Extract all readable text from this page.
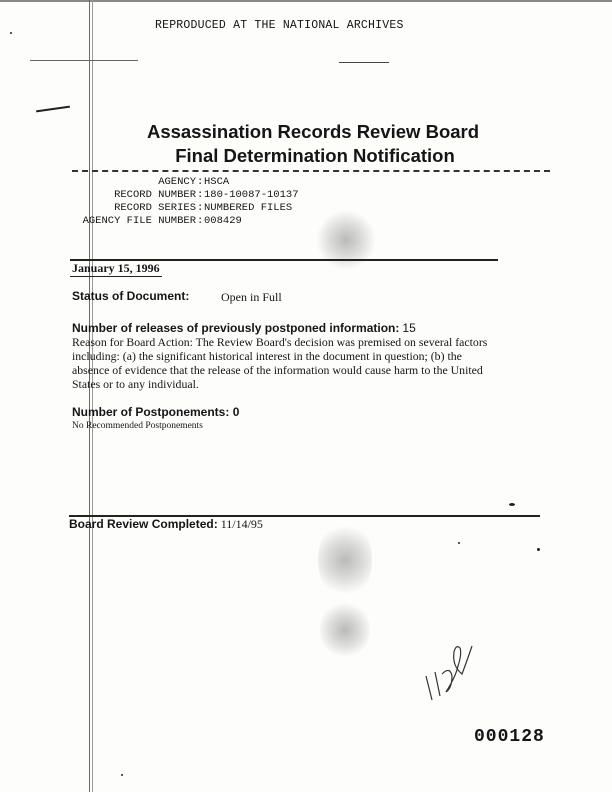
REPRODUCED AT THE NATIONAL ARCHIVES
Assassination Records Review Board
Final Determination Notification
AGENCY
RECORD NUMBER
RECORD SERIES
AGENCY FILE NUMBER
:
:
:
:
HSCA
180-10087-10137
NUMBERED FILES
008429
January 15, 1996
Status of Document:	Open in Full
Number of releases of previously postponed information: 15
Reason for Board Action: The Review Board's decision was premised on several factors
including: (a) the significant historical interest in the document in question; (b) the
absence of evidence that the release of the information would cause harm to the United
States or to any individual.
Number of Postponements: 0
No Recommended Postponements
Board Review Completed: 11/14/95
000128
